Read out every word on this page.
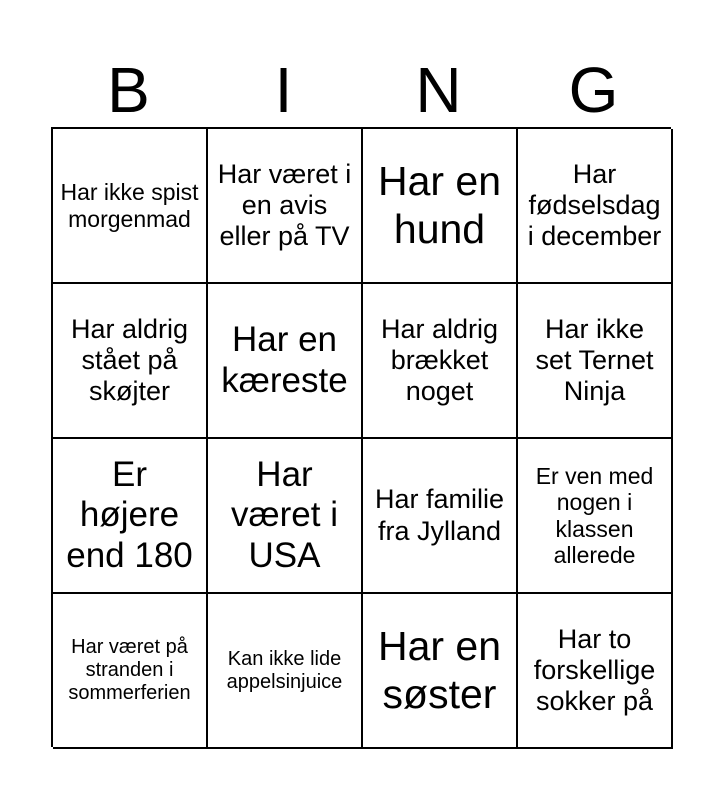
B	I	N	G
Har ikke spist morgenmad
Har været i en avis eller på TV
Har en hund
Har fødselsdag i december
Har aldrig stået på skøjter
Har en kæreste
Har aldrig brækket noget
Har ikke set Ternet Ninja
Er højere end 180
Har været i USA
Har familie fra Jylland
Er ven med nogen i klassen allerede
Har været på stranden i sommerferien
Kan ikke lide appelsinjuice
Har en søster
Har to forskellige sokker på
